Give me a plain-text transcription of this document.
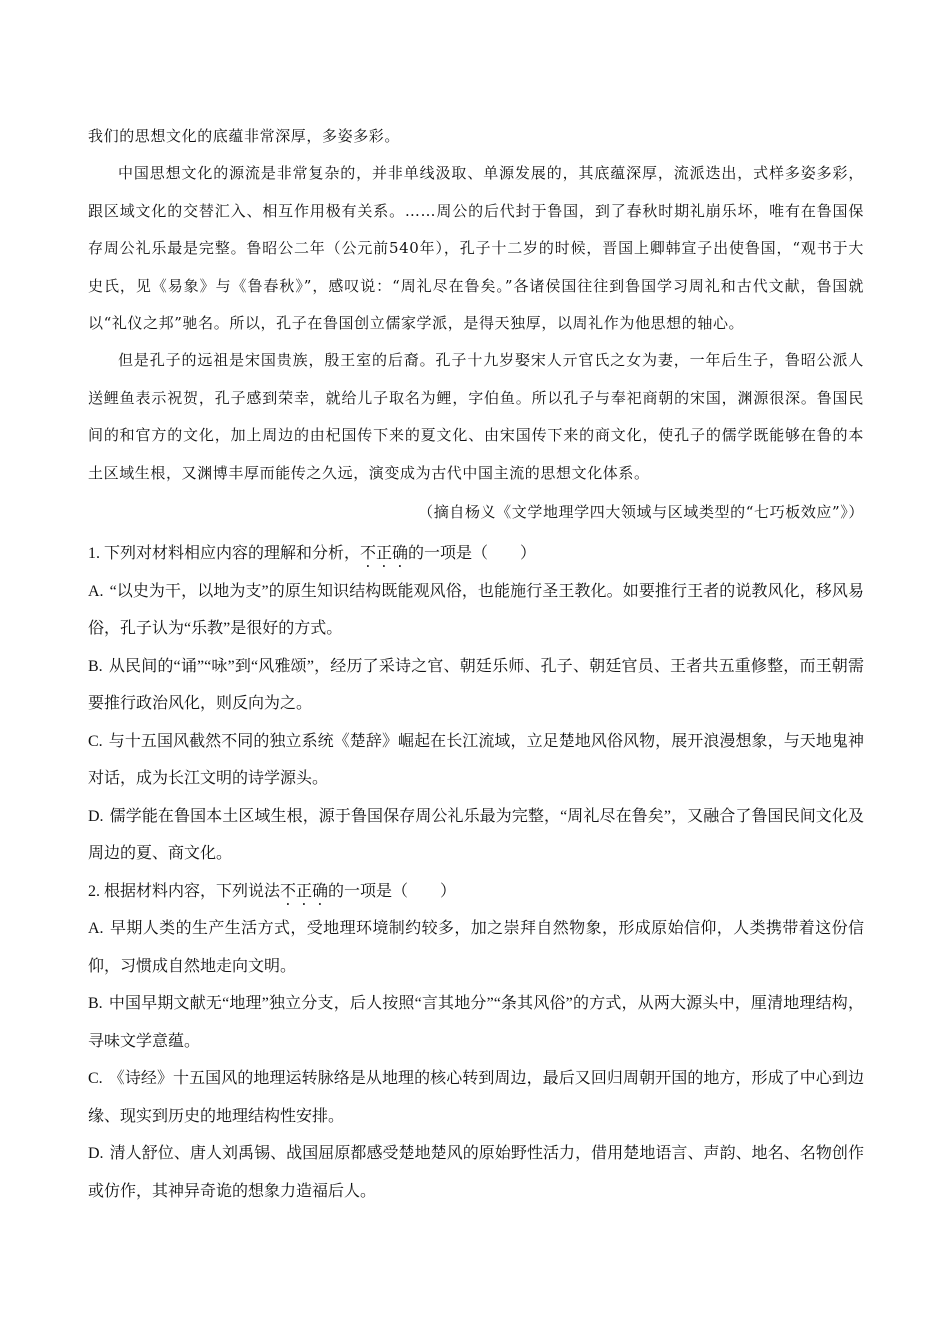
我们的思想文化的底蕴非常深厚，多姿多彩。

中国思想文化的源流是非常复杂的，并非单线汲取、单源发展的，其底蕴深厚，流派迭出，式样多姿多彩，跟区域文化的交替汇入、相互作用极有关系。……周公的后代封于鲁国，到了春秋时期礼崩乐坏，唯有在鲁国保存周公礼乐最是完整。鲁昭公二年（公元前540年），孔子十二岁的时候，晋国上卿韩宣子出使鲁国，“观书于大史氏，见《易象》与《鲁春秋》”，感叹说：“周礼尽在鲁矣。”各诸侯国往往到鲁国学习周礼和古代文献，鲁国就以“礼仪之邦”驰名。所以，孔子在鲁国创立儒家学派，是得天独厚，以周礼作为他思想的轴心。

但是孔子的远祖是宋国贵族，殷王室的后裔。孔子十九岁娶宋人亓官氏之女为妻，一年后生子，鲁昭公派人送鲤鱼表示祝贺，孔子感到荣幸，就给儿子取名为鲤，字伯鱼。所以孔子与奉祀商朝的宋国，渊源很深。鲁国民间的和官方的文化，加上周边的由杞国传下来的夏文化、由宋国传下来的商文化，使孔子的儒学既能够在鲁的本土区域生根，又渊博丰厚而能传之久远，演变成为古代中国主流的思想文化体系。

（摘自杨义《文学地理学四大领域与区域类型的“七巧板效应”》）

1. 下列对材料相应内容的理解和分析，不正确的一项是（　　）

A. “以史为干，以地为支”的原生知识结构既能观风俗，也能施行圣王教化。如要推行王者的说教风化，移风易俗，孔子认为“乐教”是很好的方式。

B. 从民间的“诵”“咏”到“风雅颂”，经历了采诗之官、朝廷乐师、孔子、朝廷官员、王者共五重修整，而王朝需要推行政治风化，则反向为之。

C. 与十五国风截然不同的独立系统《楚辞》崛起在长江流域，立足楚地风俗风物，展开浪漫想象，与天地鬼神对话，成为长江文明的诗学源头。

D. 儒学能在鲁国本土区域生根，源于鲁国保存周公礼乐最为完整，“周礼尽在鲁矣”，又融合了鲁国民间文化及周边的夏、商文化。

2. 根据材料内容，下列说法不正确的一项是（　　）

A. 早期人类的生产生活方式，受地理环境制约较多，加之崇拜自然物象，形成原始信仰，人类携带着这份信仰，习惯成自然地走向文明。

B. 中国早期文献无“地理”独立分支，后人按照“言其地分”“条其风俗”的方式，从两大源头中，厘清地理结构，寻味文学意蕴。

C. 《诗经》十五国风的地理运转脉络是从地理的核心转到周边，最后又回归周朝开国的地方，形成了中心到边缘、现实到历史的地理结构性安排。

D. 清人舒位、唐人刘禹锡、战国屈原都感受楚地楚风的原始野性活力，借用楚地语言、声韵、地名、名物创作或仿作，其神异奇诡的想象力造福后人。
